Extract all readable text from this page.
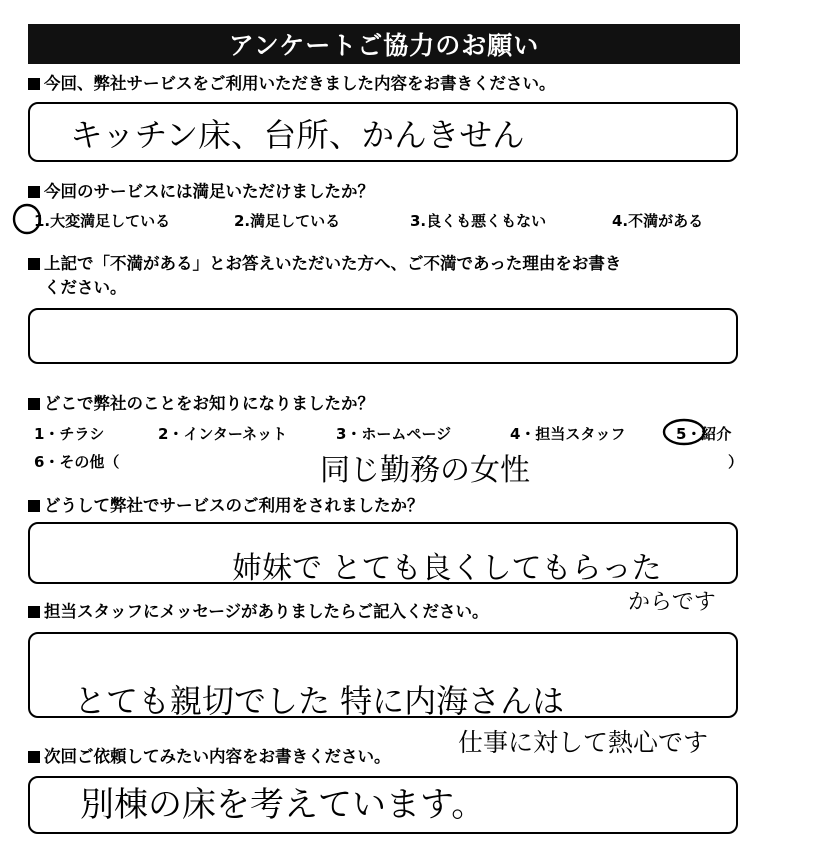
アンケートご協力のお願い
今回、弊社サービスをご利用いただきました内容をお書きください。
キッチン床、台所、かんきせん
今回のサービスには満足いただけましたか？
1.大変満足している	2.満足している	3.良くも悪くもない	4.不満がある
上記で「不満がある」とお答えいただいた方へ、ご不満であった理由をお書き
ください。
どこで弊社のことをお知りになりましたか？
1・チラシ	2・インターネット	3・ホームページ	4・担当スタッフ	5・紹介
6・その他（	）
同じ勤務の女性
どうして弊社でサービスのご利用をされましたか？
姉妹で とても良くしてもらった
からです
担当スタッフにメッセージがありましたらご記入ください。
とても親切でした 特に内海さんは
仕事に対して熱心です
次回ご依頼してみたい内容をお書きください。
別棟の床を考えています。
